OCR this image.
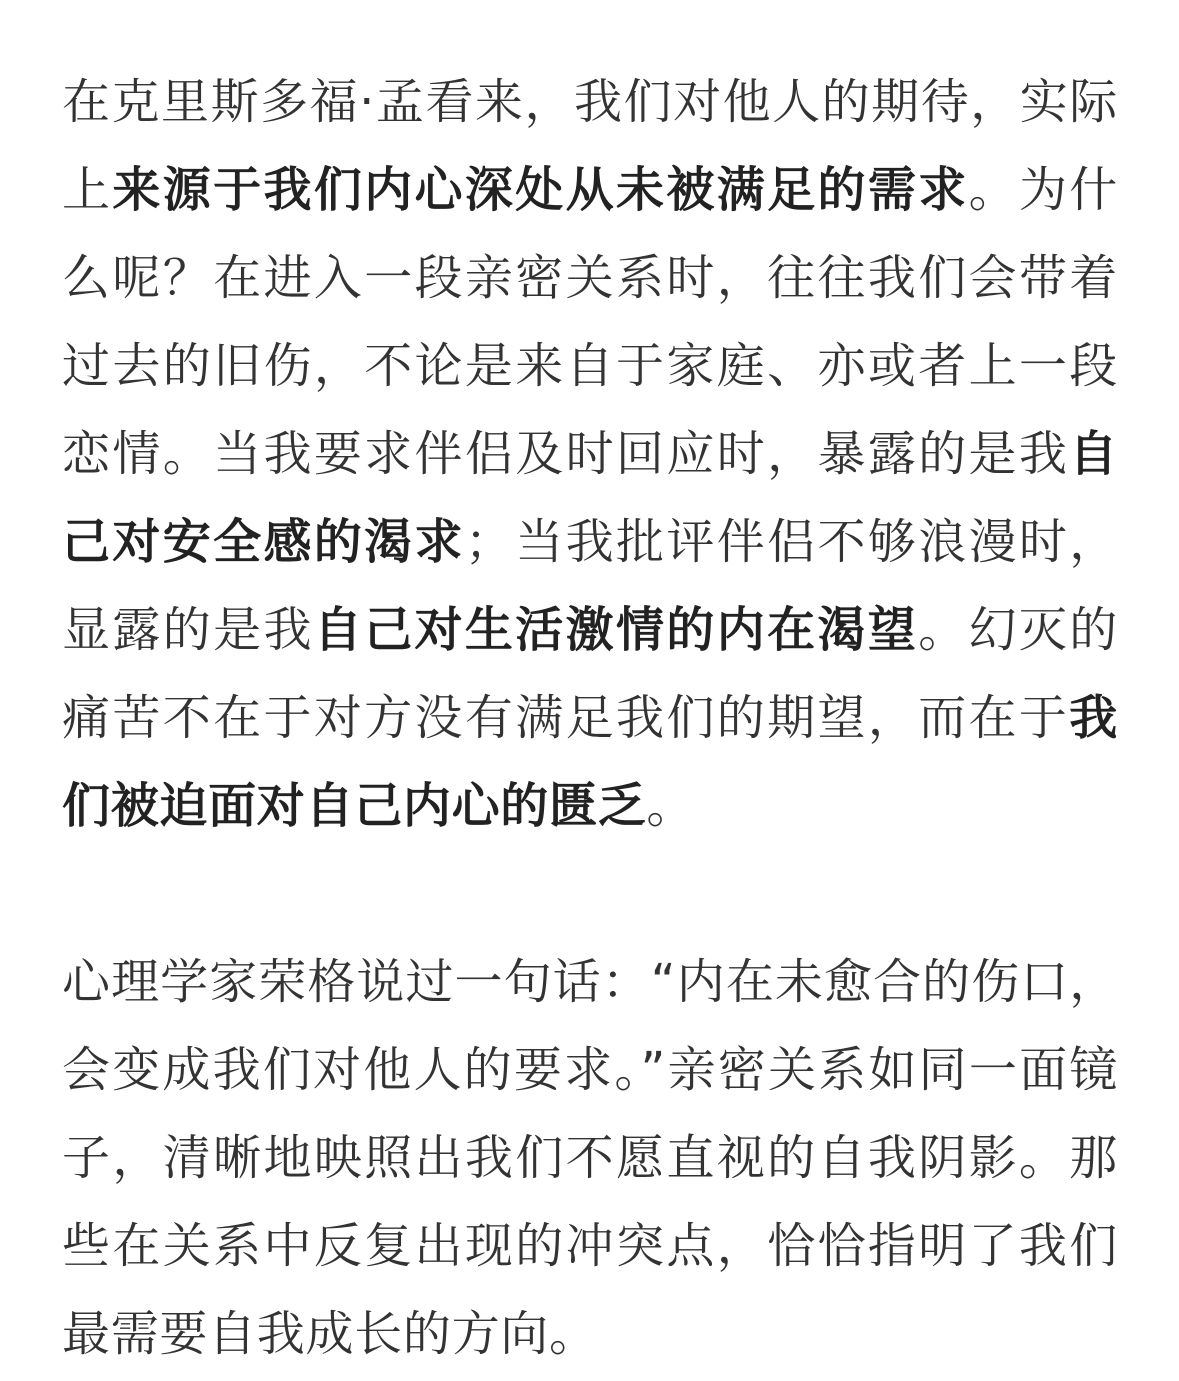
在克里斯多福·孟看来，我们对他人的期待，实际上来源于我们内心深处从未被满足的需求。为什么呢？在进入一段亲密关系时，往往我们会带着过去的旧伤，不论是来自于家庭、亦或者上一段恋情。当我要求伴侣及时回应时，暴露的是我自己对安全感的渴求；当我批评伴侣不够浪漫时，显露的是我自己对生活激情的内在渴望。幻灭的痛苦不在于对方没有满足我们的期望，而在于我们被迫面对自己内心的匮乏。

心理学家荣格说过一句话：“内在未愈合的伤口，会变成我们对他人的要求。”亲密关系如同一面镜子，清晰地映照出我们不愿直视的自我阴影。那些在关系中反复出现的冲突点，恰恰指明了我们最需要自我成长的方向。
